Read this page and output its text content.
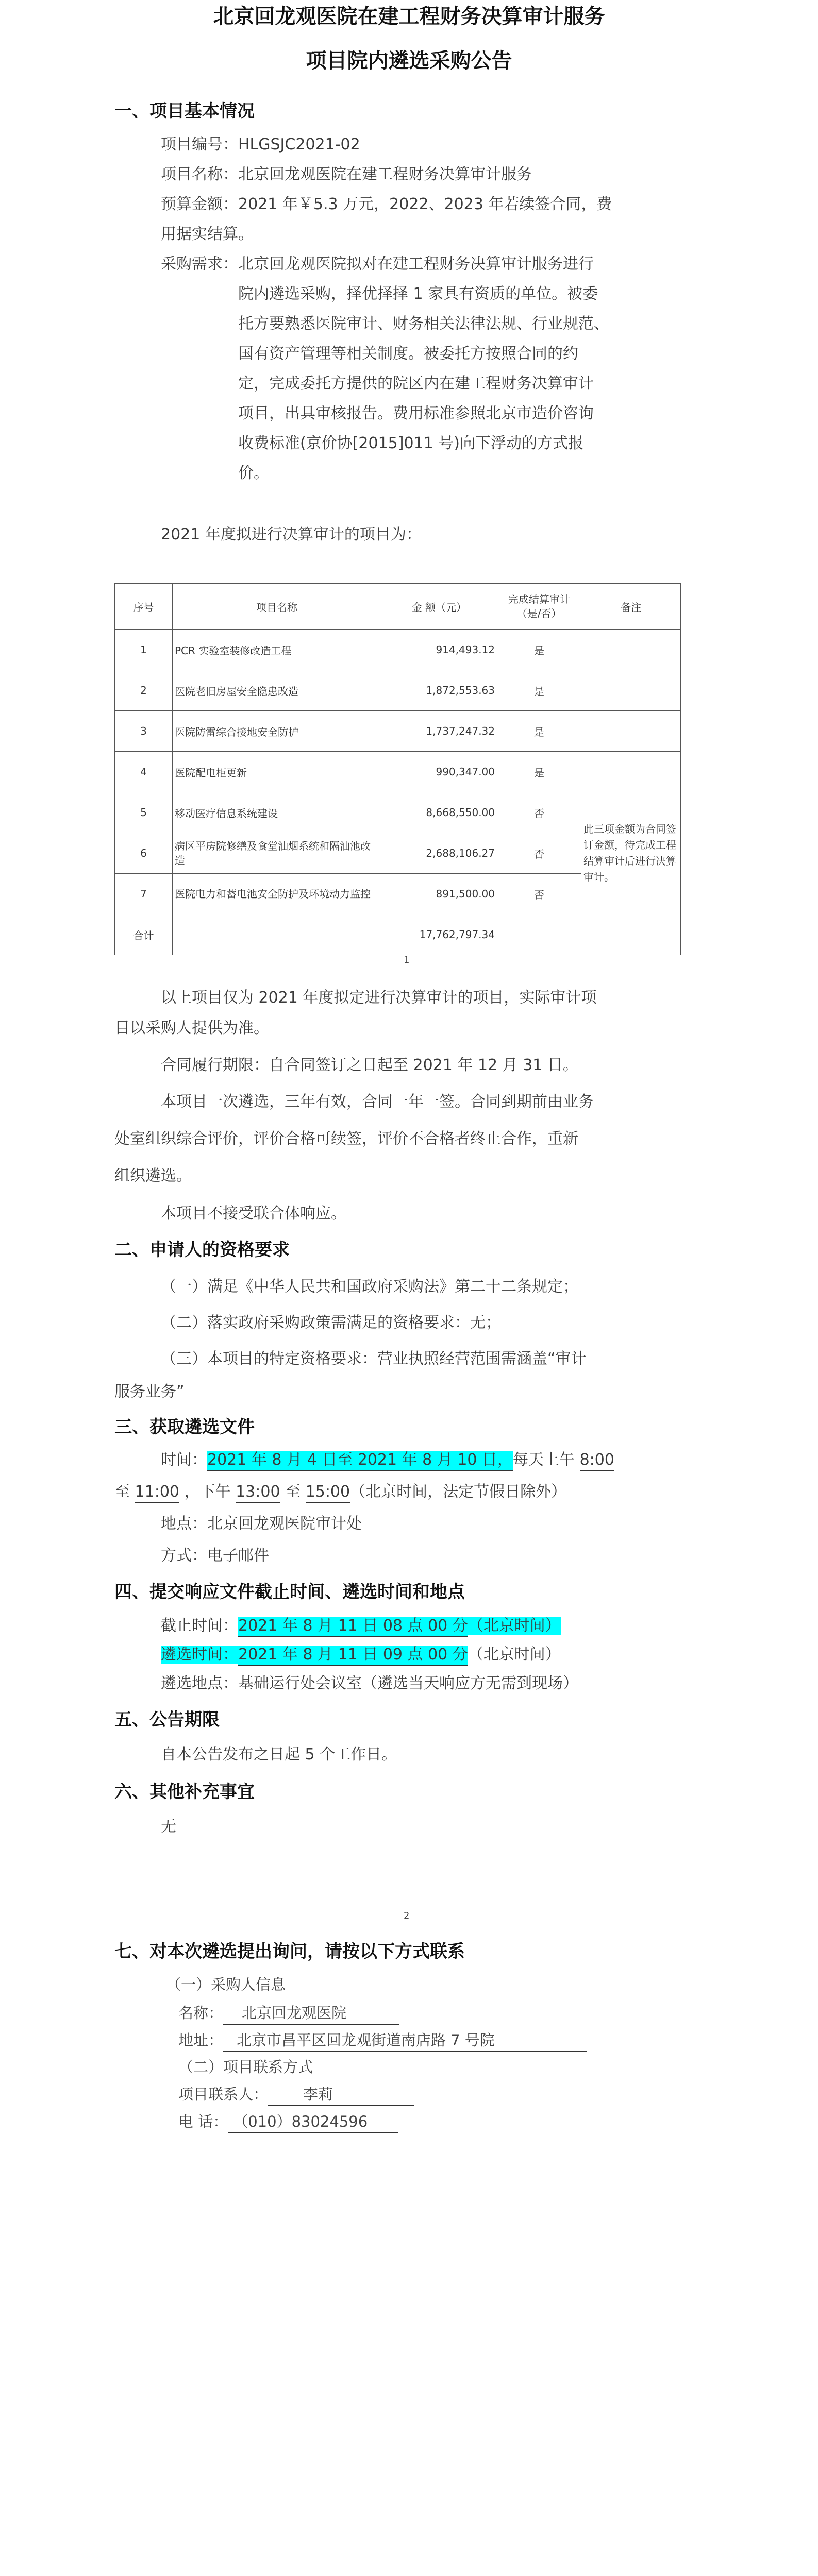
北京回龙观医院在建工程财务决算审计服务
项目院内遴选采购公告
一、项目基本情况
项目编号：HLGSJC2021-02
项目名称：北京回龙观医院在建工程财务决算审计服务
预算金额：2021 年￥5.3 万元，2022、2023 年若续签合同，费
用据实结算。
采购需求： 北京回龙观医院拟对在建工程财务决算审计服务进行
院内遴选采购，择优择择 1 家具有资质的单位。被委
托方要熟悉医院审计、财务相关法律法规、行业规范、
国有资产管理等相关制度。被委托方按照合同的约
定，完成委托方提供的院区内在建工程财务决算审计
项目，出具审核报告。费用标准参照北京市造价咨询
收费标准(京价协[2015]011 号)向下浮动的方式报
价。
2021 年度拟进行决算审计的项目为：
序号	项目名称	金 额（元）	完成结算审计（是/否）	备注
1	PCR 实验室装修改造工程	914,493.12	是	
2	医院老旧房屋安全隐患改造	1,872,553.63	是	
3	医院防雷综合接地安全防护	1,737,247.32	是	
4	医院配电柜更新	990,347.00	是	
5	移动医疗信息系统建设	8,668,550.00	否	此三项金额为合同签订金额，待完成工程结算审计后进行决算审计。
6	病区平房院修缮及食堂油烟系统和隔油池改造	2,688,106.27	否	
7	医院电力和蓄电池安全防护及环境动力监控	891,500.00	否	
合计		17,762,797.34		
1
以上项目仅为 2021 年度拟定进行决算审计的项目，实际审计项
目以采购人提供为准。
合同履行期限：自合同签订之日起至 2021 年 12 月 31 日。
本项目一次遴选，三年有效，合同一年一签。合同到期前由业务
处室组织综合评价，评价合格可续签，评价不合格者终止合作，重新
组织遴选。
本项目不接受联合体响应。
二、申请人的资格要求
（一）满足《中华人民共和国政府采购法》第二十二条规定；
（二）落实政府采购政策需满足的资格要求：无；
（三）本项目的特定资格要求：营业执照经营范围需涵盖“审计
服务业务”
三、获取遴选文件
时间：2021 年 8 月 4 日至 2021 年 8 月 10 日，每天上午 8:00
至 11:00 ，下午 13:00 至 15:00（北京时间，法定节假日除外）
地点：北京回龙观医院审计处
方式：电子邮件
四、提交响应文件截止时间、遴选时间和地点
截止时间：2021 年 8 月 11 日 08 点 00 分（北京时间）
遴选时间：2021 年 8 月 11 日 09 点 00 分（北京时间）
遴选地点：基础运行处会议室（遴选当天响应方无需到现场）
五、公告期限
自本公告发布之日起 5 个工作日。
六、其他补充事宜
无
2
七、对本次遴选提出询问，请按以下方式联系
（一）采购人信息
名称： 北京回龙观医院
地址： 北京市昌平区回龙观街道南店路 7 号院
（二）项目联系方式
项目联系人： 李莉
电 话： （010）83024596
